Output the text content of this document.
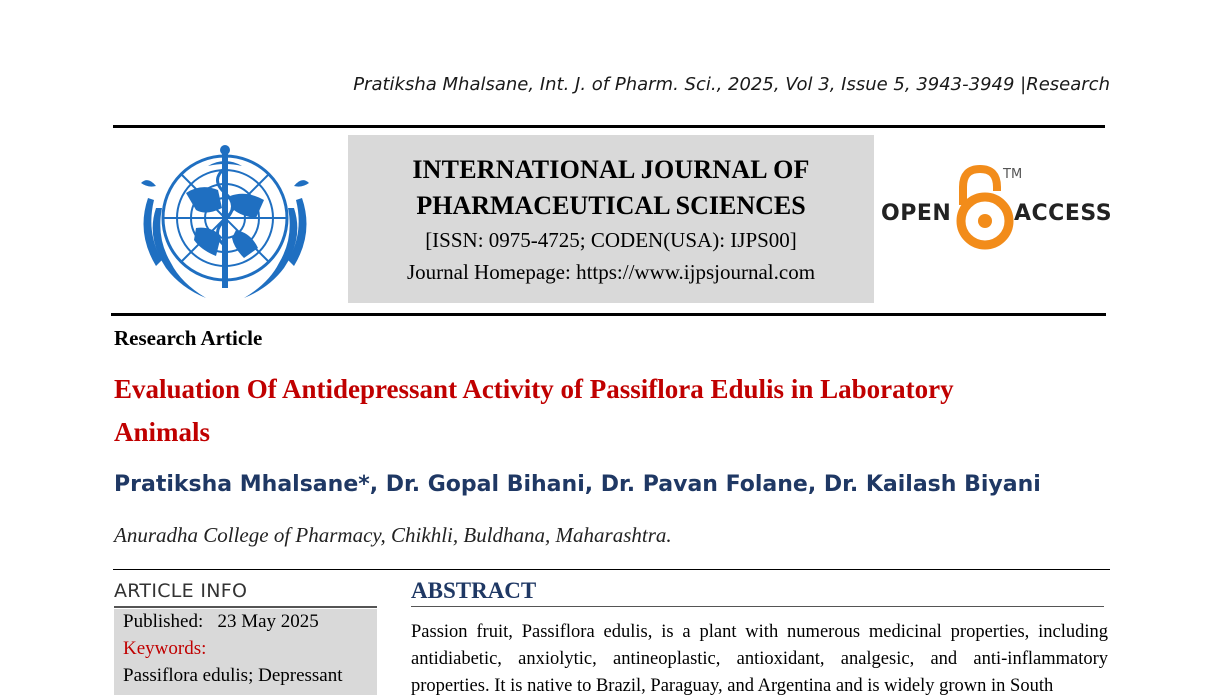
Pratiksha Mhalsane, Int. J. of Pharm. Sci., 2025, Vol 3, Issue 5, 3943-3949 |Research
INTERNATIONAL JOURNAL OF
PHARMACEUTICAL SCIENCES
[ISSN: 0975-4725; CODEN(USA): IJPS00]
Journal Homepage: https://www.ijpsjournal.com
OPEN
TM
ACCESS
Research Article
Evaluation Of Antidepressant Activity of Passiflora Edulis in Laboratory Animals
Pratiksha Mhalsane*, Dr. Gopal Bihani, Dr. Pavan Folane, Dr. Kailash Biyani
Anuradha College of Pharmacy, Chikhli, Buldhana, Maharashtra.
ARTICLE INFO
Published: 23 May 2025
Keywords:
Passiflora edulis; Depressant
ABSTRACT
Passion fruit, Passiflora edulis, is a plant with numerous medicinal properties, including antidiabetic, anxiolytic, antineoplastic, antioxidant, analgesic, and anti-inflammatory properties. It is native to Brazil, Paraguay, and Argentina and is widely grown in South
